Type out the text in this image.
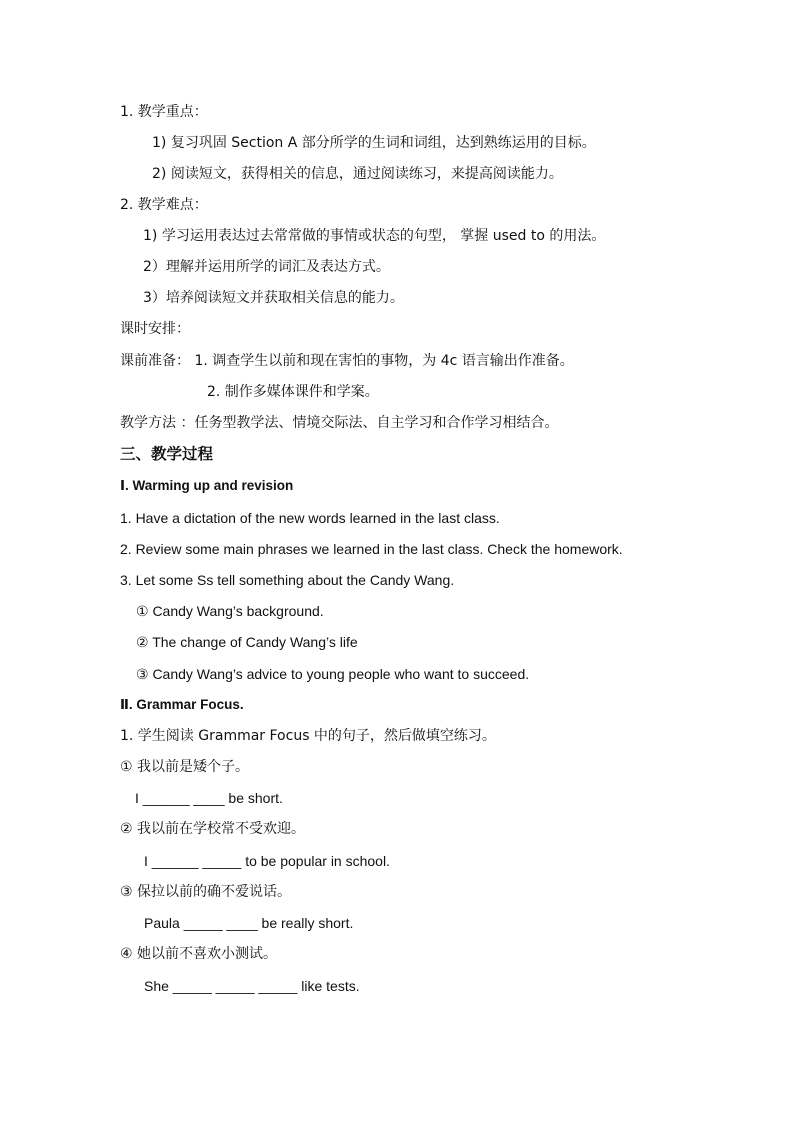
1. 教学重点：
1) 复习巩固 Section A 部分所学的生词和词组，达到熟练运用的目标。
2) 阅读短文，获得相关的信息，通过阅读练习，来提高阅读能力。
2. 教学难点：
1) 学习运用表达过去常常做的事情或状态的句型， 掌握 used to 的用法。
2）理解并运用所学的词汇及表达方式。
3）培养阅读短文并获取相关信息的能力。
课时安排：
课前准备： 1. 调查学生以前和现在害怕的事物，为 4c 语言输出作准备。
2. 制作多媒体课件和学案。
教学方法 ：任务型教学法、情境交际法、自主学习和合作学习相结合。
三、教学过程
Ⅰ. Warming up and revision
1. Have a dictation of the new words learned in the last class.
2. Review some main phrases we learned in the last class. Check the homework.
3. Let some Ss tell something about the Candy Wang.
① Candy Wang’s background.
② The change of Candy Wang’s life
③ Candy Wang’s advice to young people who want to succeed.
Ⅱ. Grammar Focus.
1. 学生阅读 Grammar Focus 中的句子，然后做填空练习。
① 我以前是矮个子。
I ______ ____ be short.
② 我以前在学校常不受欢迎。
I ______ _____ to be popular in school.
③ 保拉以前的确不爱说话。
Paula _____ ____ be really short.
④ 她以前不喜欢小测试。
She _____ _____ _____ like tests.
